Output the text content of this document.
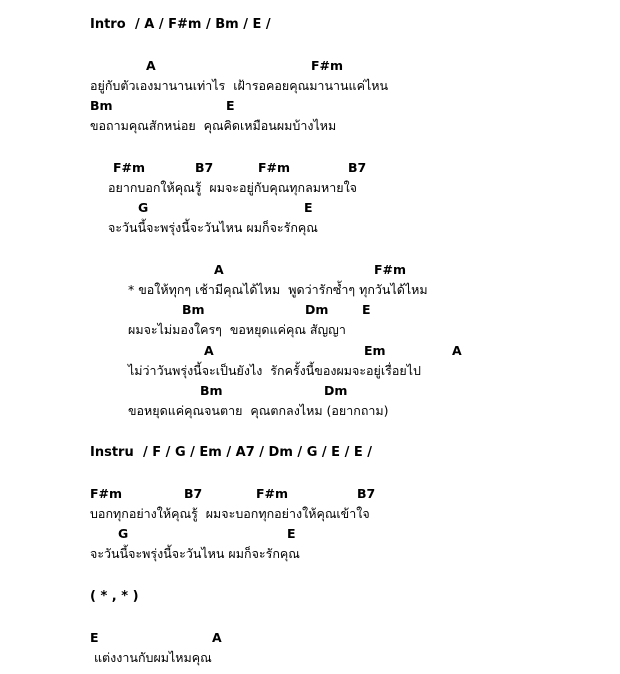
Intro / A / F#m / Bm / E /
A	F#m
อยู่กับตัวเองมานานเท่าไร  เฝ้ารอคอยคุณมานานแค่ไหน
Bm	E
ขอถามคุณสักหน่อย  คุณคิดเหมือนผมบ้างไหม
F#m	B7	F#m	B7
อยากบอกให้คุณรู้  ผมจะอยู่กับคุณทุกลมหายใจ
G	E
จะวันนี้จะพรุ่งนี้จะวันไหน ผมก็จะรักคุณ
A	F#m
* ขอให้ทุกๆ เช้ามีคุณได้ไหม  พูดว่ารักซ้ำๆ ทุกวันได้ไหม
Bm	Dm	E
ผมจะไม่มองใครๆ  ขอหยุดแค่คุณ สัญญา
A	Em	A
ไม่ว่าวันพรุ่งนี้จะเป็นยังไง  รักครั้งนี้ของผมจะอยู่เรื่อยไป
Bm	Dm
ขอหยุดแค่คุณจนตาย  คุณตกลงไหม (อยากถาม)
Instru / F / G / Em / A7 / Dm / G / E / E /
F#m	B7	F#m	B7
บอกทุกอย่างให้คุณรู้  ผมจะบอกทุกอย่างให้คุณเข้าใจ
G	E
จะวันนี้จะพรุ่งนี้จะวันไหน ผมก็จะรักคุณ
( * , * )
E	A
แต่งงานกับผมไหมคุณ
